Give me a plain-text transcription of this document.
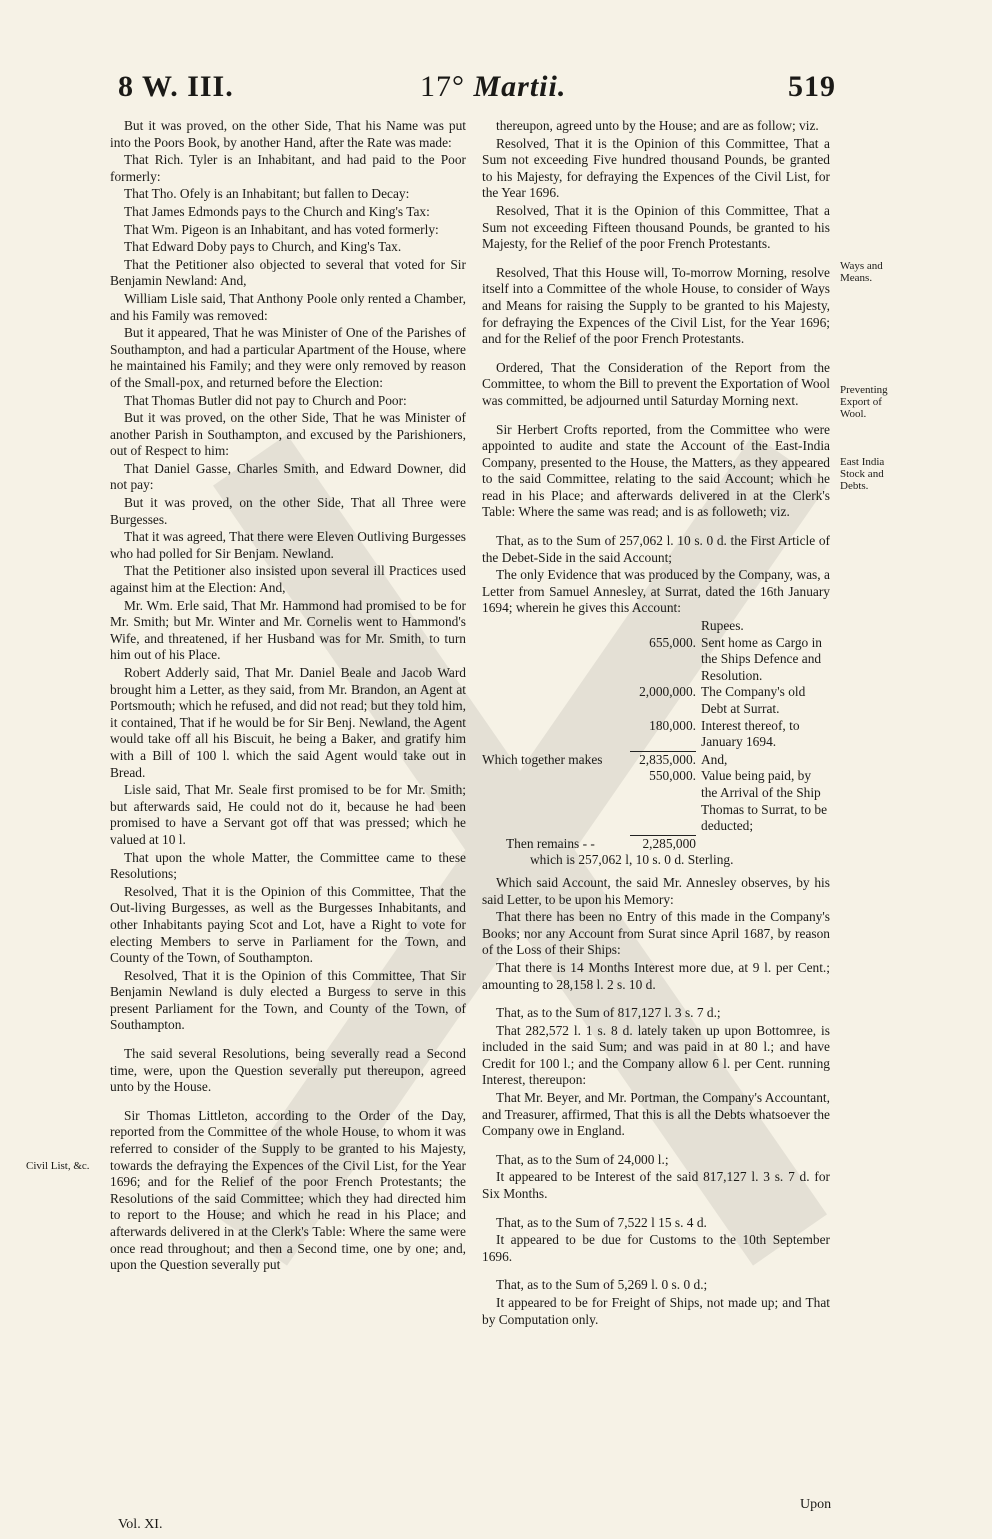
8 W. III.	17° Martii.	519

But it was proved, on the other Side, That his Name was put into the Poors Book, by another Hand, after the Rate was made:

That Rich. Tyler is an Inhabitant, and had paid to the Poor formerly:

That Tho. Ofely is an Inhabitant; but fallen to Decay:

That James Edmonds pays to the Church and King's Tax:

That Wm. Pigeon is an Inhabitant, and has voted formerly:

That Edward Doby pays to Church, and King's Tax.

That the Petitioner also objected to several that voted for Sir Benjamin Newland: And,

William Lisle said, That Anthony Poole only rented a Chamber, and his Family was removed:

But it appeared, That he was Minister of One of the Parishes of Southampton, and had a particular Apartment of the House, where he maintained his Family; and they were only removed by reason of the Small-pox, and returned before the Election:

That Thomas Butler did not pay to Church and Poor:

But it was proved, on the other Side, That he was Minister of another Parish in Southampton, and excused by the Parishioners, out of Respect to him:

That Daniel Gasse, Charles Smith, and Edward Downer, did not pay:

But it was proved, on the other Side, That all Three were Burgesses.

That it was agreed, That there were Eleven Outliving Burgesses who had polled for Sir Benjam. Newland.

That the Petitioner also insisted upon several ill Practices used against him at the Election: And,

Mr. Wm. Erle said, That Mr. Hammond had promised to be for Mr. Smith; but Mr. Winter and Mr. Cornelis went to Hammond's Wife, and threatened, if her Husband was for Mr. Smith, to turn him out of his Place.

Robert Adderly said, That Mr. Daniel Beale and Jacob Ward brought him a Letter, as they said, from Mr. Brandon, an Agent at Portsmouth; which he refused, and did not read; but they told him, it contained, That if he would be for Sir Benj. Newland, the Agent would take off all his Biscuit, he being a Baker, and gratify him with a Bill of 100 l. which the said Agent would take out in Bread.

Lisle said, That Mr. Seale first promised to be for Mr. Smith; but afterwards said, He could not do it, because he had been promised to have a Servant got off that was pressed; which he valued at 10 l.

That upon the whole Matter, the Committee came to these Resolutions;

Resolved, That it is the Opinion of this Committee, That the Out-living Burgesses, as well as the Burgesses Inhabitants, and other Inhabitants paying Scot and Lot, have a Right to vote for electing Members to serve in Parliament for the Town, and County of the Town, of Southampton.

Resolved, That it is the Opinion of this Committee, That Sir Benjamin Newland is duly elected a Burgess to serve in this present Parliament for the Town, and County of the Town, of Southampton.

The said several Resolutions, being severally read a Second time, were, upon the Question severally put thereupon, agreed unto by the House.

Sir Thomas Littleton, according to the Order of the Day, reported from the Committee of the whole House, to whom it was referred to consider of the Supply to be granted to his Majesty, towards the defraying the Expences of the Civil List, for the Year 1696; and for the Relief of the poor French Protestants; the Resolutions of the said Committee; which they had directed him to report to the House; and which he read in his Place; and afterwards delivered in at the Clerk's Table: Where the same were once read throughout; and then a Second time, one by one; and, upon the Question severally put

thereupon, agreed unto by the House; and are as follow; viz.

Resolved, That it is the Opinion of this Committee, That a Sum not exceeding Five hundred thousand Pounds, be granted to his Majesty, for defraying the Expences of the Civil List, for the Year 1696.

Resolved, That it is the Opinion of this Committee, That a Sum not exceeding Fifteen thousand Pounds, be granted to his Majesty, for the Relief of the poor French Protestants.

Resolved, That this House will, To-morrow Morning, resolve itself into a Committee of the whole House, to consider of Ways and Means for raising the Supply to be granted to his Majesty, for defraying the Expences of the Civil List, for the Year 1696; and for the Relief of the poor French Protestants.

Ordered, That the Consideration of the Report from the Committee, to whom the Bill to prevent the Exportation of Wool was committed, be adjourned until Saturday Morning next.

Sir Herbert Crofts reported, from the Committee who were appointed to audite and state the Account of the East-India Company, presented to the House, the Matters, as they appeared to the said Committee, relating to the said Account; which he read in his Place; and afterwards delivered in at the Clerk's Table: Where the same was read; and is as followeth; viz.

That, as to the Sum of 257,062 l. 10 s. 0 d. the First Article of the Debet-Side in the said Account;

The only Evidence that was produced by the Company, was, a Letter from Samuel Annesley, at Surrat, dated the 16th January 1694; wherein he gives this Account:

Rupees.
655,000. Sent home as Cargo in the Ships Defence and Resolution.
2,000,000. The Company's old Debt at Surrat.
180,000. Interest thereof, to January 1694.
Which together makes	2,835,000. And,
550,000. Value being paid, by the Arrival of the Ship Thomas to Surrat, to be deducted;
Then remains - -	2,285,000
which is 257,062 l, 10 s. 0 d. Sterling.

Which said Account, the said Mr. Annesley observes, by his said Letter, to be upon his Memory:

That there has been no Entry of this made in the Company's Books; nor any Account from Surat since April 1687, by reason of the Loss of their Ships:

That there is 14 Months Interest more due, at 9 l. per Cent.; amounting to 28,158 l. 2 s. 10 d.

That, as to the Sum of 817,127 l. 3 s. 7 d.;

That 282,572 l. 1 s. 8 d. lately taken up upon Bottomree, is included in the said Sum; and was paid in at 80 l.; and have Credit for 100 l.; and the Company allow 6 l. per Cent. running Interest, thereupon:

That Mr. Beyer, and Mr. Portman, the Company's Accountant, and Treasurer, affirmed, That this is all the Debts whatsoever the Company owe in England.

That, as to the Sum of 24,000 l.;

It appeared to be Interest of the said 817,127 l. 3 s. 7 d. for Six Months.

That, as to the Sum of 7,522 l 15 s. 4 d.

It appeared to be due for Customs to the 10th September 1696.

That, as to the Sum of 5,269 l. 0 s. 0 d.;

It appeared to be for Freight of Ships, not made up; and That by Computation only.

Civil List, &c.
Ways and Means.
Preventing Export of Wool.
East India Stock and Debts.
Vol. XI.
Upon
